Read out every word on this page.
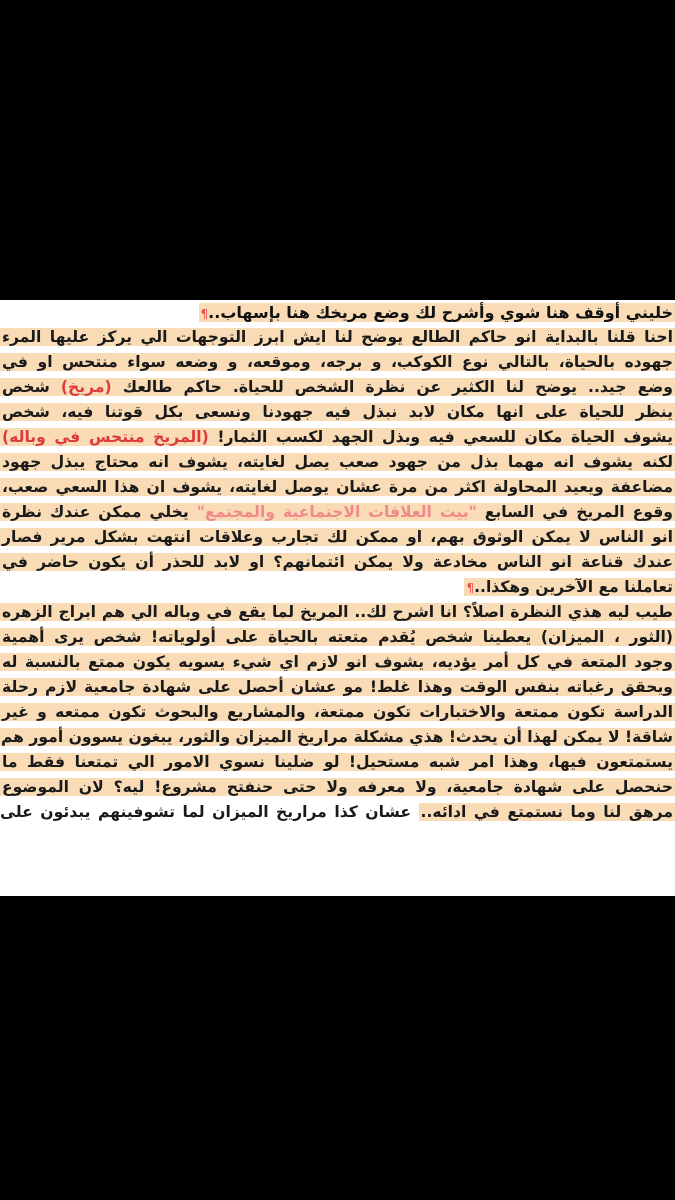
خليني أوقف هنا شوي وأشرح لك وضع مريخك هنا بإسهاب..¶
احنا قلنا بالبداية انو حاكم الطالع يوضح لنا ايش ابرز التوجهات الي يركز عليها المرء
جهوده بالحياة، بالتالي نوع الكوكب، و برجه، وموقعه، و وضعه سواء منتحس او في
وضع جيد.. يوضح لنا الكثير عن نظرة الشخص للحياة. حاكم طالعك (مريخ) شخص
ينظر للحياة على انها مكان لابد نبذل فيه جهودنا ونسعى بكل قوتنا فيه، شخص
يشوف الحياة مكان للسعي فيه وبذل الجهد لكسب الثمار! (المريخ منتحس في وباله)
لكنه يشوف انه مهما بذل من جهود صعب يصل لغايته، يشوف انه محتاج يبذل جهود
مضاعفة ويعيد المحاولة اكثر من مرة عشان يوصل لغايته، يشوف ان هذا السعي صعب،
وقوع المريخ في السابع "بيت العلاقات الاجتماعية والمجتمع" يخلي ممكن عندك نظرة
انو الناس لا يمكن الوثوق بهم، او ممكن لك تجارب وعلاقات انتهت بشكل مرير فصار
عندك قناعة انو الناس مخادعة ولا يمكن ائتمانهم؟ او لابد للحذر أن يكون حاضر في
تعاملنا مع الآخرين وهكذا..¶
طيب ليه هذي النظرة اصلاً؟ انا اشرح لك.. المريخ لما يقع في وباله الي هم ابراج الزهره
(الثور ، الميزان) يعطينا شخص يُقدم متعته بالحياة على أولوياته! شخص يرى أهمية
وجود المتعة في كل أمر يؤديه، يشوف انو لازم اي شيء يسويه يكون ممتع بالنسبة له
ويحقق رغباته بنفس الوقت وهذا غلط! مو عشان أحصل على شهادة جامعية لازم رحلة
الدراسة تكون ممتعة والاختبارات تكون ممتعة، والمشاريع والبحوث تكون ممتعه و غير
شاقة! لا يمكن لهذا أن يحدث! هذي مشكلة مراريخ الميزان والثور، يبغون يسوون أمور هم
يستمتعون فيها، وهذا امر شبه مستحيل! لو ضلينا نسوي الامور الي تمتعنا فقط ما
حنحصل على شهادة جامعية، ولا معرفه ولا حتى حنفتح مشروع! ليه؟ لان الموضوع
مرهق لنا وما نستمتع في ادائه.. عشان كذا مراريخ الميزان لما تشوفينهم يبدئون على
